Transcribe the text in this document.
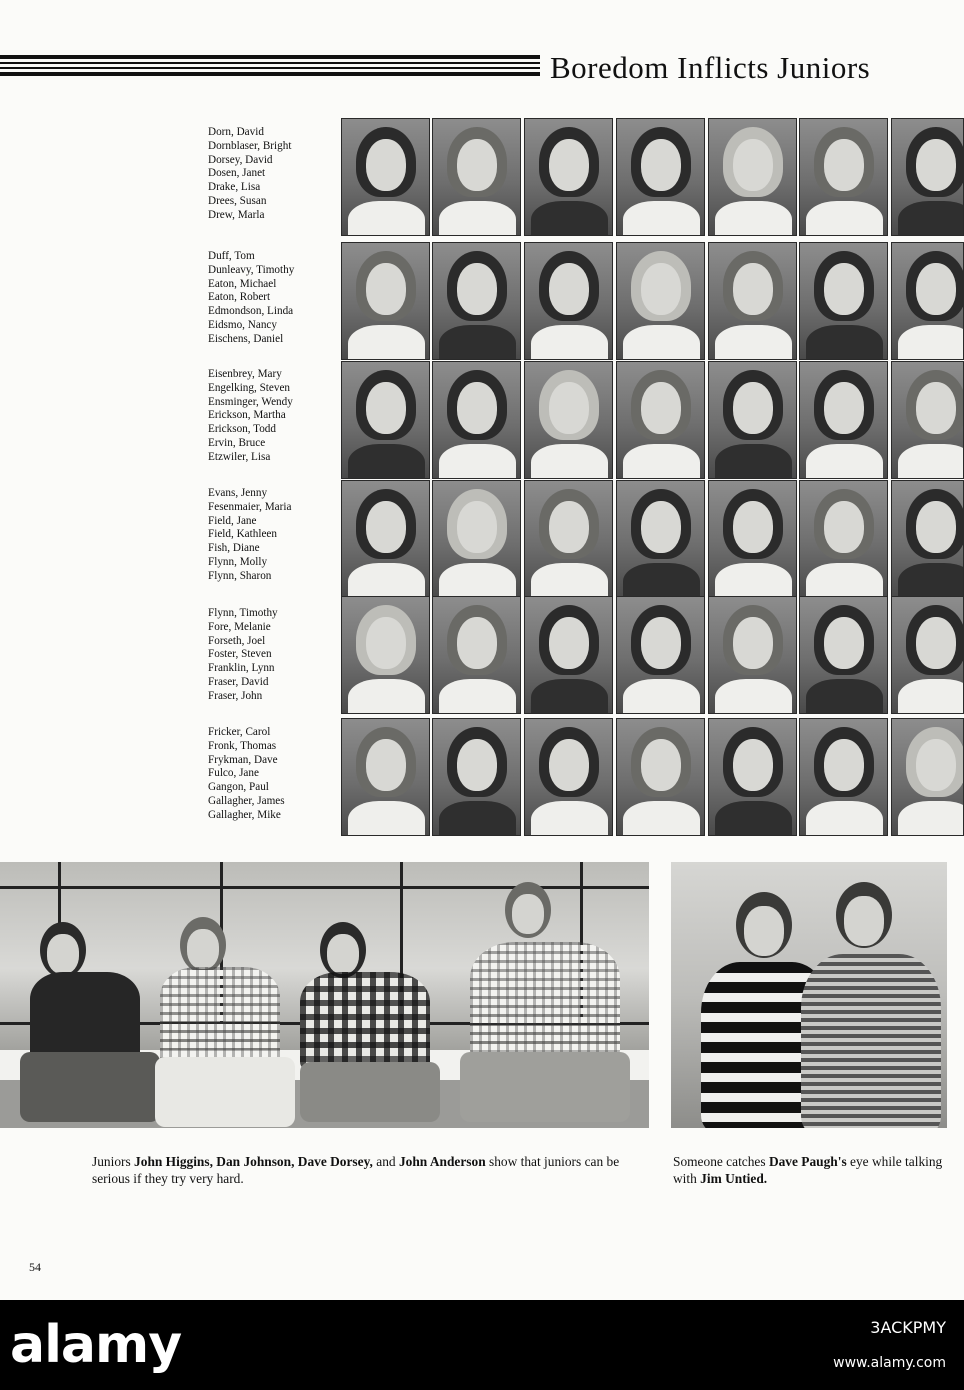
Boredom Inflicts Juniors
Dorn, David
Dornblaser, Bright
Dorsey, David
Dosen, Janet
Drake, Lisa
Drees, Susan
Drew, Marla
Duff, Tom
Dunleavy, Timothy
Eaton, Michael
Eaton, Robert
Edmondson, Linda
Eidsmo, Nancy
Eischens, Daniel
Eisenbrey, Mary
Engelking, Steven
Ensminger, Wendy
Erickson, Martha
Erickson, Todd
Ervin, Bruce
Etzwiler, Lisa
Evans, Jenny
Fesenmaier, Maria
Field, Jane
Field, Kathleen
Fish, Diane
Flynn, Molly
Flynn, Sharon
Flynn, Timothy
Fore, Melanie
Forseth, Joel
Foster, Steven
Franklin, Lynn
Fraser, David
Fraser, John
Fricker, Carol
Fronk, Thomas
Frykman, Dave
Fulco, Jane
Gangon, Paul
Gallagher, James
Gallagher, Mike
Juniors John Higgins, Dan Johnson, Dave Dorsey, and John Anderson show that juniors can be serious if they try very hard.
Someone catches Dave Paugh's eye while talking with Jim Untied.
54
alamy	3ACKPMY
www.alamy.com
